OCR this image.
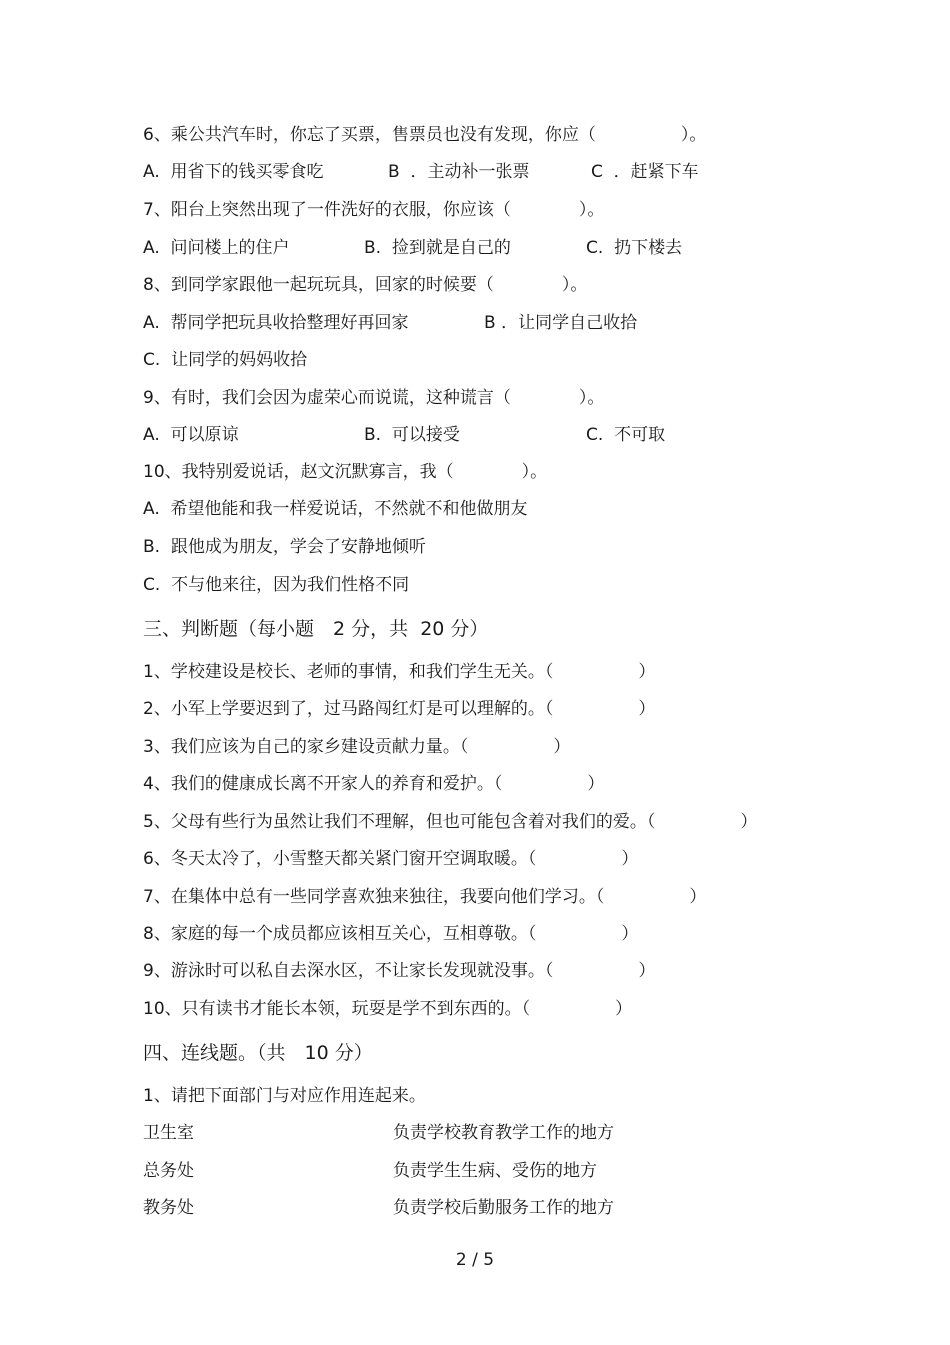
6、乘公共汽车时，你忘了买票，售票员也没有发现，你应（　　　　　）。
A.  用省下的钱买零食吃	B  ．主动补一张票	C  ．赶紧下车
7、阳台上突然出现了一件洗好的衣服，你应该（　　　　）。
A.  问问楼上的住户	B.  捡到就是自己的	C.  扔下楼去
8、到同学家跟他一起玩玩具，回家的时候要（　　　　）。
A.  帮同学把玩具收拾整理好再回家	B ．让同学自己收拾
C.  让同学的妈妈收拾
9、有时，我们会因为虚荣心而说谎，这种谎言（　　　　）。
A.  可以原谅	B.  可以接受	C.  不可取
10、我特别爱说话，赵文沉默寡言，我（　　　　）。
A.  希望他能和我一样爱说话，不然就不和他做朋友
B.  跟他成为朋友，学会了安静地倾听
C.  不与他来往，因为我们性格不同
三、判断题（每小题　2 分，共  20 分）
1、学校建设是校长、老师的事情，和我们学生无关。（　　　　　）
2、小军上学要迟到了，过马路闯红灯是可以理解的。（　　　　　）
3、我们应该为自己的家乡建设贡献力量。（　　　　　）
4、我们的健康成长离不开家人的养育和爱护。（　　　　　）
5、父母有些行为虽然让我们不理解，但也可能包含着对我们的爱。（　　　　　）
6、冬天太冷了，小雪整天都关紧门窗开空调取暖。（　　　　　）
7、在集体中总有一些同学喜欢独来独往，我要向他们学习。（　　　　　）
8、家庭的每一个成员都应该相互关心，互相尊敬。（　　　　　）
9、游泳时可以私自去深水区，不让家长发现就没事。（　　　　　）
10、只有读书才能长本领，玩耍是学不到东西的。（　　　　　）
四、连线题。（共　10 分）
1、请把下面部门与对应作用连起来。
卫生室	负责学校教育教学工作的地方
总务处	负责学生生病、受伤的地方
教务处	负责学校后勤服务工作的地方
2 / 5
